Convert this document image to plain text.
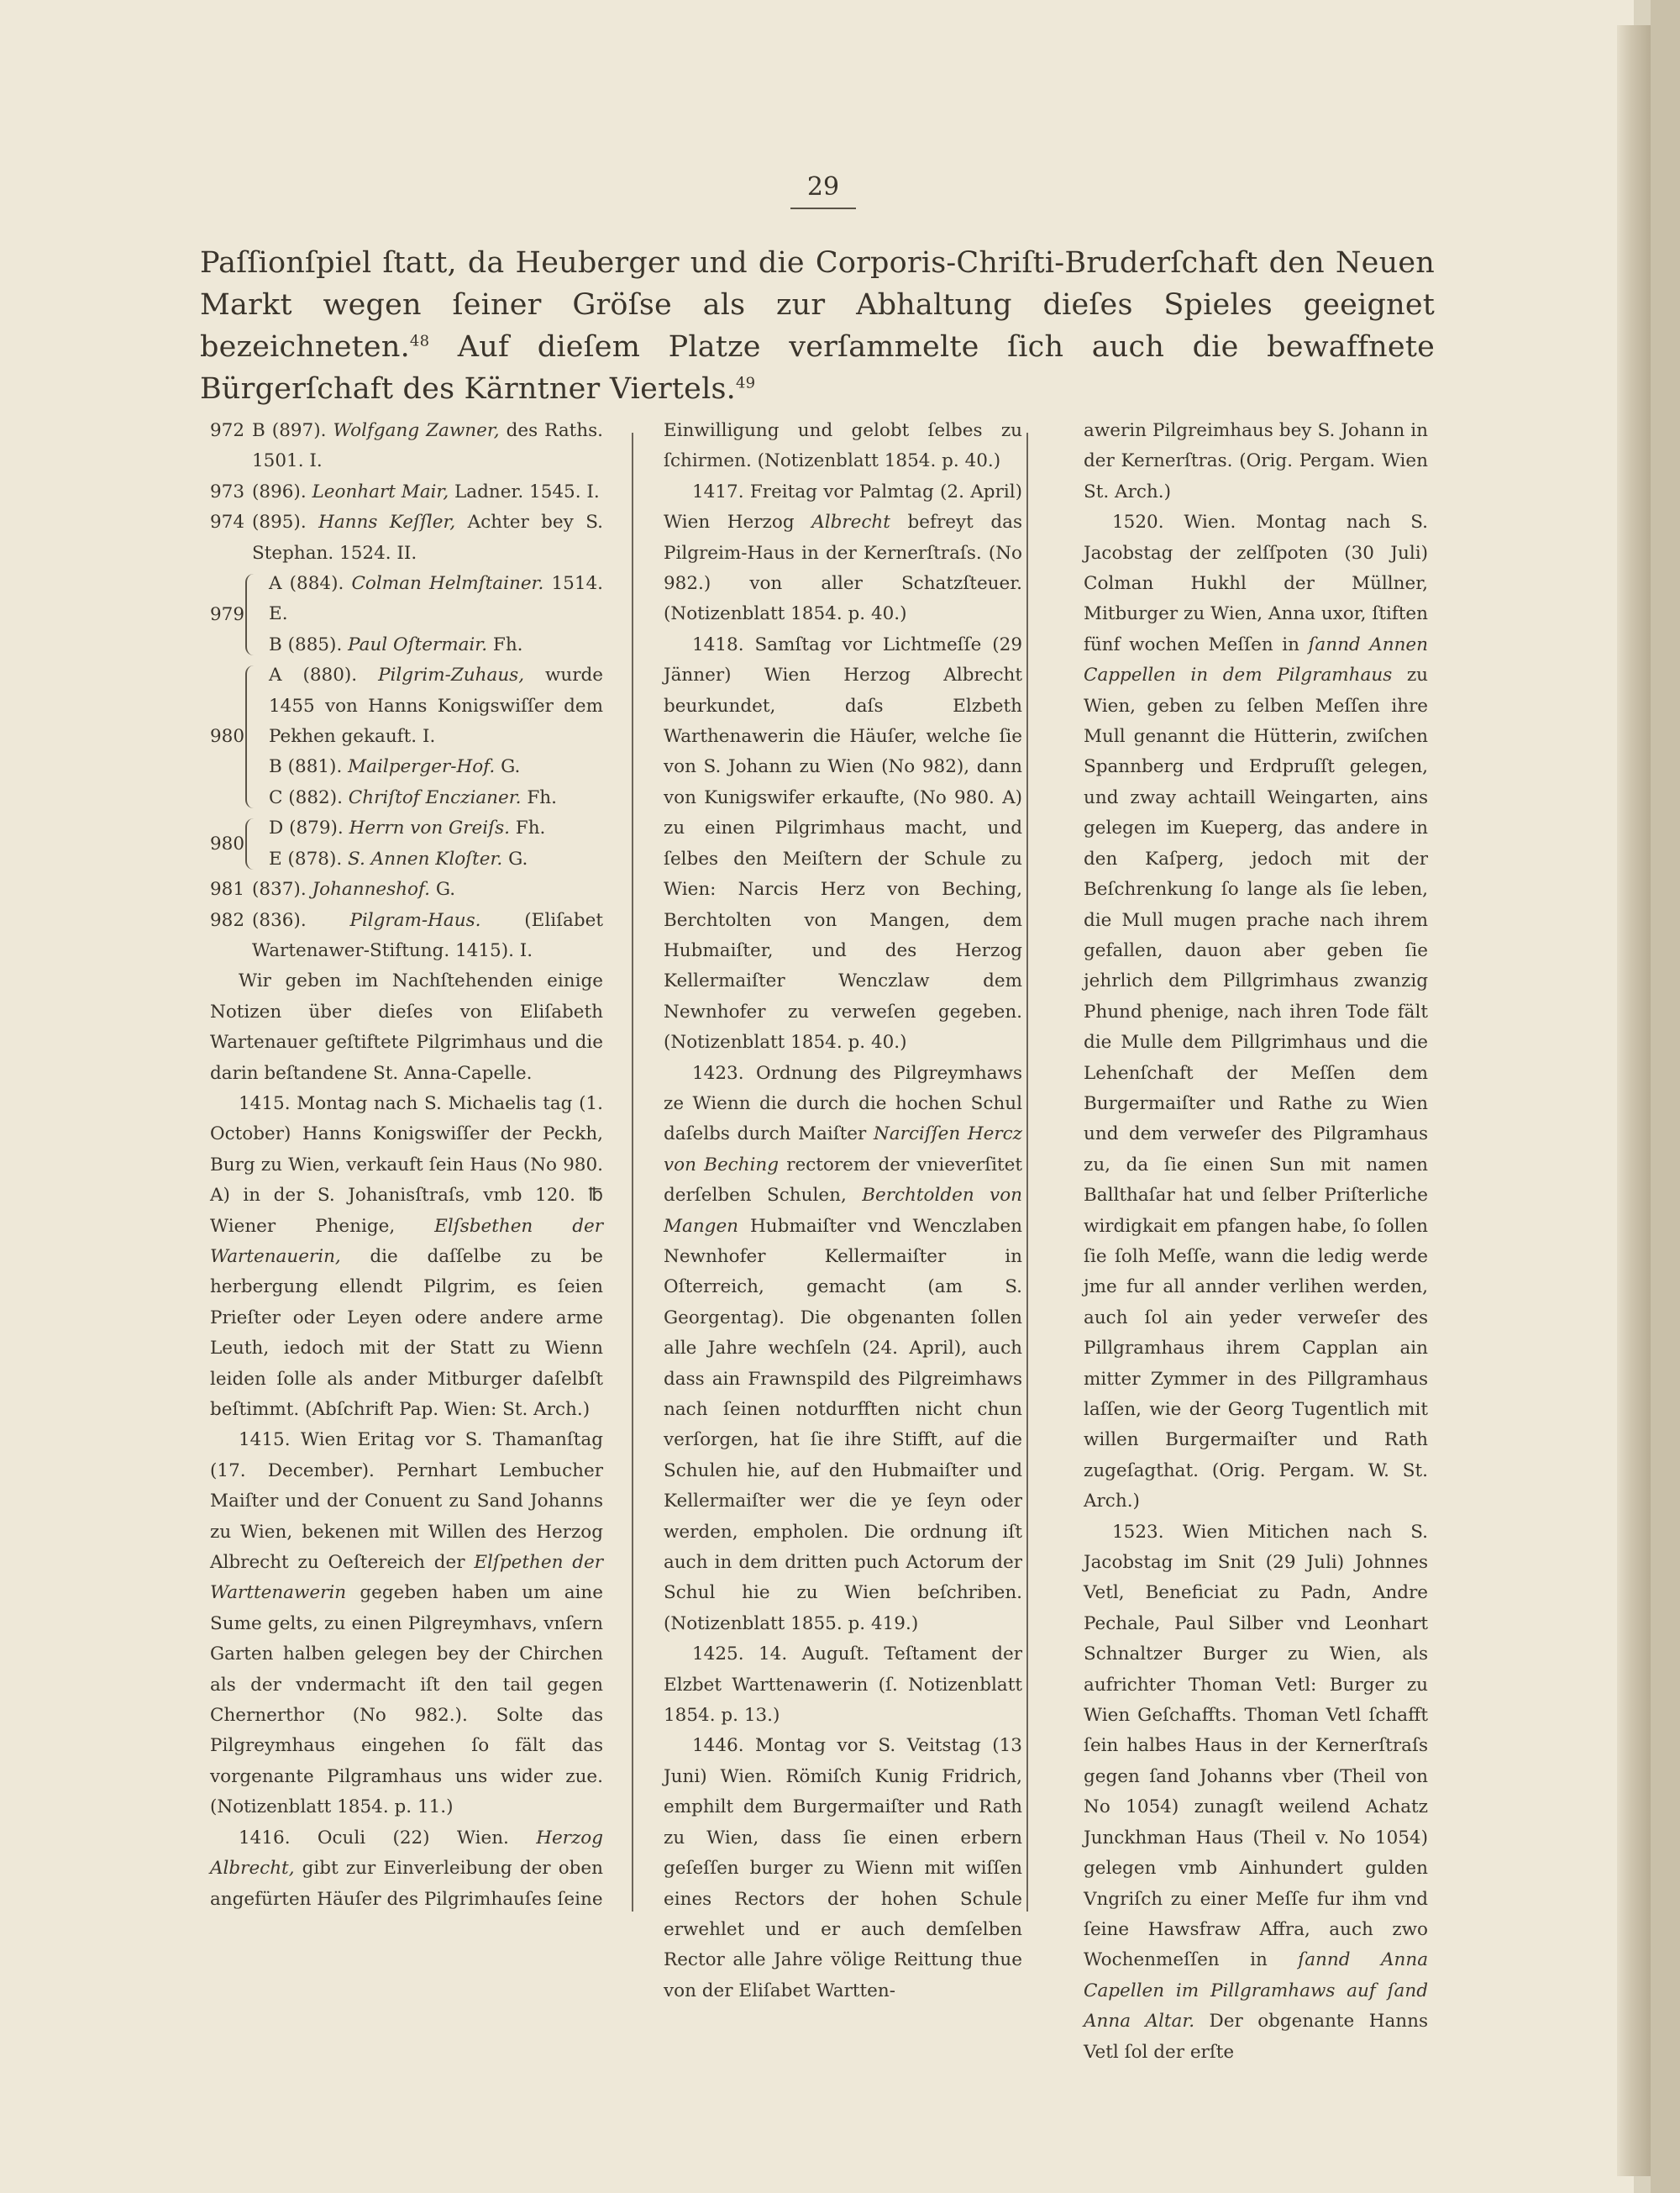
29

Paſſionſpiel ſtatt, da Heuberger und die Corporis-Chriſti-Bruderſchaft den Neuen Markt wegen ſeiner Gröſse als zur Abhaltung dieſes Spieles geeignet bezeichneten.$^{48}$ Auf dieſem Platze verſammelte ſich auch die bewaffnete Bürgerſchaft des Kärntner Viertels.$^{49}$

972 B (897). Wolfgang Zawner, des Raths. 1501. I.
973 (896). Leonhart Mair, Ladner. 1545. I.
974 (895). Hanns Keſſler, Achter bey S. Stephan. 1524. II.
979
A (884). Colman Helmſtainer. 1514. E.
B (885). Paul Oſtermair. Fh.
980
A (880). Pilgrim-Zuhaus, wurde 1455 von Hanns Konigswiſſer dem Pekhen gekauft. I.
B (881). Mailperger-Hof. G.
C (882). Chriſtof Enczianer. Fh.
980
D (879). Herrn von Greiſs. Fh.
E (878). S. Annen Kloſter. G.
981 (837). Johanneshof. G.
982 (836). Pilgram-Haus. (Eliſabet Wartenawer-Stiftung. 1415). I.

Wir geben im Nachſtehenden einige Notizen über dieſes von Eliſabeth Wartenauer geſtiftete Pilgrimhaus und die darin beſtandene St. Anna-Capelle.

1415. Montag nach S. Michaelis tag (1. October) Hanns Konigswiſſer der Peckh, Burg zu Wien, verkauft ſein Haus (No 980. A) in der S. Johanisſtraſs, vmb 120. ℔ Wiener Phenige, Elſsbethen der Wartenauerin, die daſſelbe zu be herbergung ellendt Pilgrim, es ſeien Prieſter oder Leyen odere andere arme Leuth, iedoch mit der Statt zu Wienn leiden ſolle als ander Mitburger daſelbſt beſtimmt. (Abſchrift Pap. Wien: St. Arch.)

1415. Wien Eritag vor S. Thamanſtag (17. December). Pernhart Lembucher Maiſter und der Conuent zu Sand Johanns zu Wien, bekenen mit Willen des Herzog Albrecht zu Oeſtereich der Elſpethen der Warttenawerin gegeben haben um aine Sume gelts, zu einen Pilgreymhavs, vnſern Garten halben gelegen bey der Chirchen als der vndermacht iſt den tail gegen Chernerthor (No 982.). Solte das Pilgreymhaus eingehen ſo fält das vorgenante Pilgramhaus uns wider zue. (Notizenblatt 1854. p. 11.)

1416. Oculi (22) Wien. Herzog Albrecht, gibt zur Einverleibung der oben angefürten Häuſer des Pilgrimhauſes ſeine

Einwilligung und gelobt ſelbes zu ſchirmen. (Notizenblatt 1854. p. 40.)

1417. Freitag vor Palmtag (2. April) Wien Herzog Albrecht befreyt das Pilgreim-Haus in der Kernerſtraſs. (No 982.) von aller Schatzſteuer. (Notizenblatt 1854. p. 40.)

1418. Samſtag vor Lichtmeſſe (29 Jänner) Wien Herzog Albrecht beurkundet, daſs Elzbeth Warthenawerin die Häuſer, welche ſie von S. Johann zu Wien (No 982), dann von Kunigswifer erkaufte, (No 980. A) zu einen Pilgrimhaus macht, und ſelbes den Meiſtern der Schule zu Wien: Narcis Herz von Beching, Berchtolten von Mangen, dem Hubmaiſter, und des Herzog Kellermaiſter Wenczlaw dem Newnhofer zu verweſen gegeben. (Notizenblatt 1854. p. 40.)

1423. Ordnung des Pilgreymhaws ze Wienn die durch die hochen Schul daſelbs durch Maiſter Narciſſen Hercz von Beching rectorem der vnieverſitet derſelben Schulen, Berchtolden von Mangen Hubmaiſter vnd Wenczlaben Newnhofer Kellermaiſter in Oſterreich, gemacht (am S. Georgentag). Die obgenanten ſollen alle Jahre wechſeln (24. April), auch dass ain Frawnspild des Pilgreimhaws nach ſeinen notdurfften nicht chun verſorgen, hat ſie ihre Stifft, auf die Schulen hie, auf den Hubmaiſter und Kellermaiſter wer die ye ſeyn oder werden, empholen. Die ordnung iſt auch in dem dritten puch Actorum der Schul hie zu Wien beſchriben. (Notizenblatt 1855. p. 419.)

1425. 14. Auguſt. Teſtament der Elzbet Warttenawerin (ſ. Notizenblatt 1854. p. 13.)

1446. Montag vor S. Veitstag (13 Juni) Wien. Römiſch Kunig Fridrich, emphilt dem Burgermaiſter und Rath zu Wien, dass ſie einen erbern geſeſſen burger zu Wienn mit wiſſen eines Rectors der hohen Schule erwehlet und er auch demſelben Rector alle Jahre völige Reittung thue von der Eliſabet Wartten-

awerin Pilgreimhaus bey S. Johann in der Kernerſtras. (Orig. Pergam. Wien St. Arch.)

1520. Wien. Montag nach S. Jacobstag der zelſſpoten (30 Juli) Colman Hukhl der Müllner, Mitburger zu Wien, Anna uxor, ſtiften fünf wochen Meſſen in ſannd Annen Cappellen in dem Pilgramhaus zu Wien, geben zu ſelben Meſſen ihre Mull genannt die Hütterin, zwiſchen Spannberg und Erdpruſſt gelegen, und zway achtaill Weingarten, ains gelegen im Kueperg, das andere in den Kaſperg, jedoch mit der Beſchrenkung ſo lange als ſie leben, die Mull mugen prache nach ihrem gefallen, dauon aber geben ſie jehrlich dem Pillgrimhaus zwanzig Phund phenige, nach ihren Tode fält die Mulle dem Pillgrimhaus und die Lehenſchaft der Meſſen dem Burgermaiſter und Rathe zu Wien und dem verweſer des Pilgramhaus zu, da ſie einen Sun mit namen Ballthaſar hat und ſelber Priſterliche wirdigkait em pfangen habe, ſo ſollen ſie ſolh Meſſe, wann die ledig werde jme fur all annder verlihen werden, auch ſol ain yeder verweſer des Pillgramhaus ihrem Capplan ain mitter Zymmer in des Pillgramhaus laſſen, wie der Georg Tugentlich mit willen Burgermaiſter und Rath zugeſagthat. (Orig. Pergam. W. St. Arch.)

1523. Wien Mitichen nach S. Jacobstag im Snit (29 Juli) Johnnes Vetl, Beneficiat zu Padn, Andre Pechale, Paul Silber vnd Leonhart Schnaltzer Burger zu Wien, als aufrichter Thoman Vetl: Burger zu Wien Geſchaffts. Thoman Vetl ſchafft ſein halbes Haus in der Kernerſtraſs gegen ſand Johanns vber (Theil von No 1054) zunagſt weilend Achatz Junckhman Haus (Theil v. No 1054) gelegen vmb Ainhundert gulden Vngriſch zu einer Meſſe fur ihm vnd ſeine Hawsfraw Affra, auch zwo Wochenmeſſen in ſannd Anna Capellen im Pillgramhaws auf ſand Anna Altar. Der obgenante Hanns Vetl ſol der erſte
